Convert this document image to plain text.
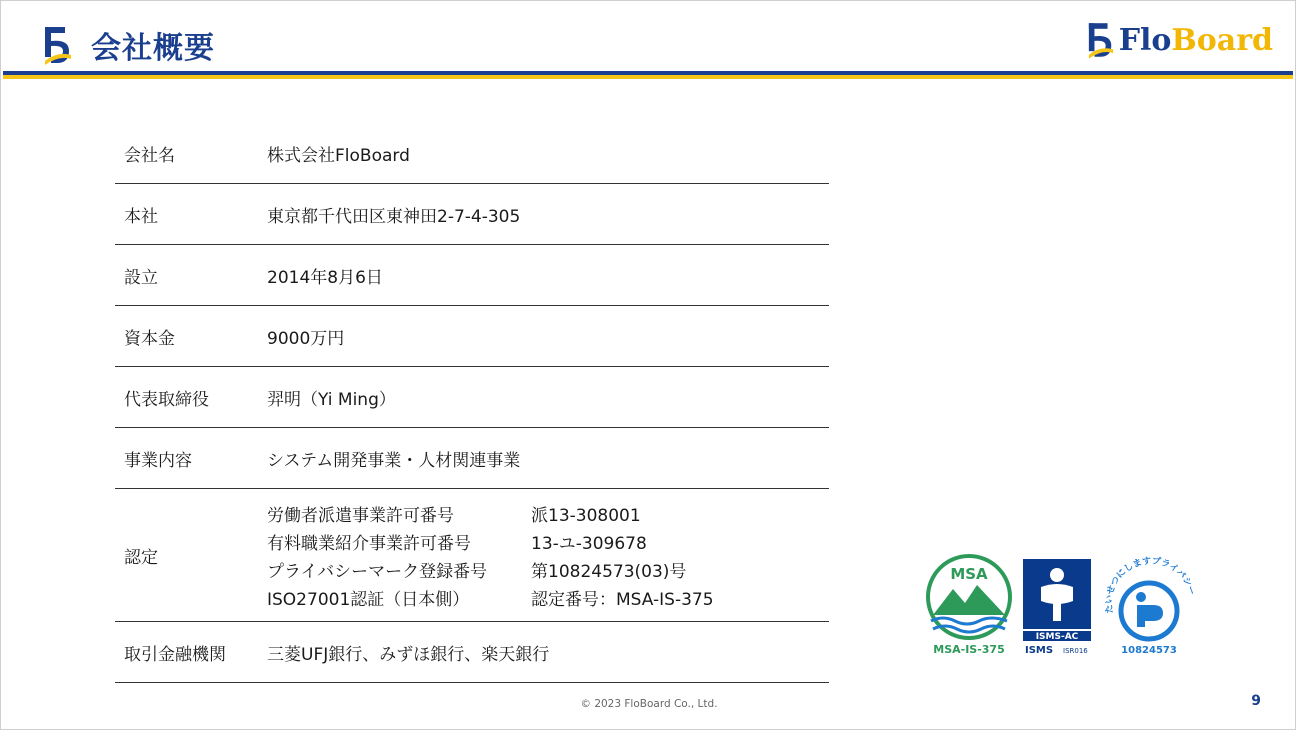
会社概要	FloBoard
会社名	株式会社FloBoard
本社	東京都千代田区東神田2-7-4-305
設立	2014年8月6日
資本金	9000万円
代表取締役	羿明（Yi Ming）
事業内容	システム開発事業・人材関連事業
認定
労働者派遣事業許可番号	派13-308001
有料職業紹介事業許可番号	13-ユ-309678
プライバシーマーク登録番号	第10824573(03)号
ISO27001認証（日本側）	認定番号：MSA-IS-375
取引金融機関	三菱UFJ銀行、みずほ銀行、楽天銀行
MSA
MSA-IS-375
ISMS-AC
ISMS ISR016
たいせつにしますプライバシー
10824573
© 2023 FloBoard Co., Ltd.	9
